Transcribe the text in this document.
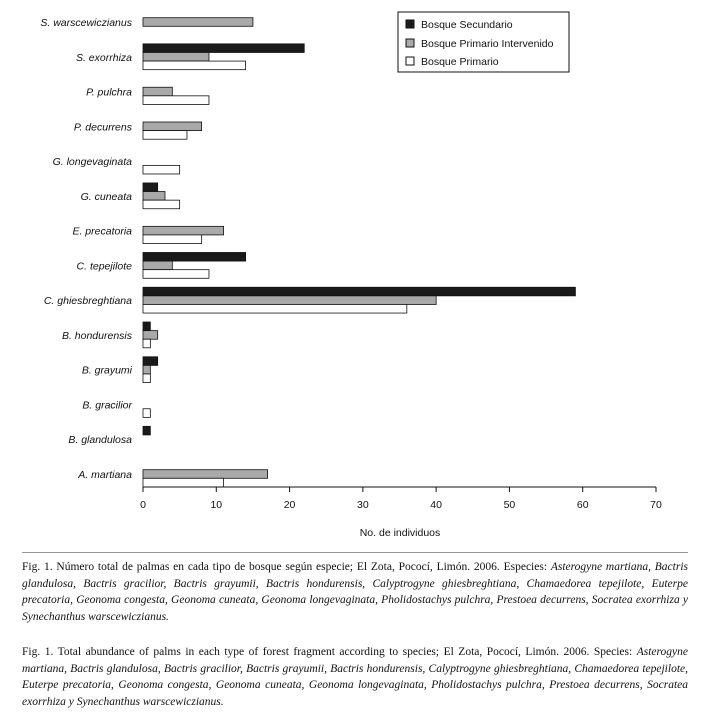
0	10	20	30	40	50	60	70
S. warscewiczianus
S. exorrhiza
P. pulchra
P. decurrens
G. longevaginata
G. cuneata
E. precatoria
C. tepejilote
C. ghiesbreghtiana
B. hondurensis
B. grayumi
B. gracilior
B. glandulosa
A. martiana
No. de individuos
Bosque Secundario
Bosque Primario Intervenido
Bosque Primario

Fig. 1. Número total de palmas en cada tipo de bosque según especie; El Zota, Pococí, Limón. 2006. Especies: Asterogyne martiana, Bactris glandulosa, Bactris gracilior, Bactris grayumii, Bactris hondurensis, Calyptrogyne ghiesbreghtiana, Chamaedorea tepejilote, Euterpe precatoria, Geonoma congesta, Geonoma cuneata, Geonoma longevaginata, Pholidostachys pulchra, Prestoea decurrens, Socratea exorrhiza y Synechanthus warscewiczianus.

Fig. 1. Total abundance of palms in each type of forest fragment according to species; El Zota, Pococí, Limón. 2006. Species: Asterogyne martiana, Bactris glandulosa, Bactris gracilior, Bactris grayumii, Bactris hondurensis, Calyptrogyne ghiesbreghtiana, Chamaedorea tepejilote, Euterpe precatoria, Geonoma congesta, Geonoma cuneata, Geonoma longevaginata, Pholidostachys pulchra, Prestoea decurrens, Socratea exorrhiza y Synechanthus warscewiczianus.
